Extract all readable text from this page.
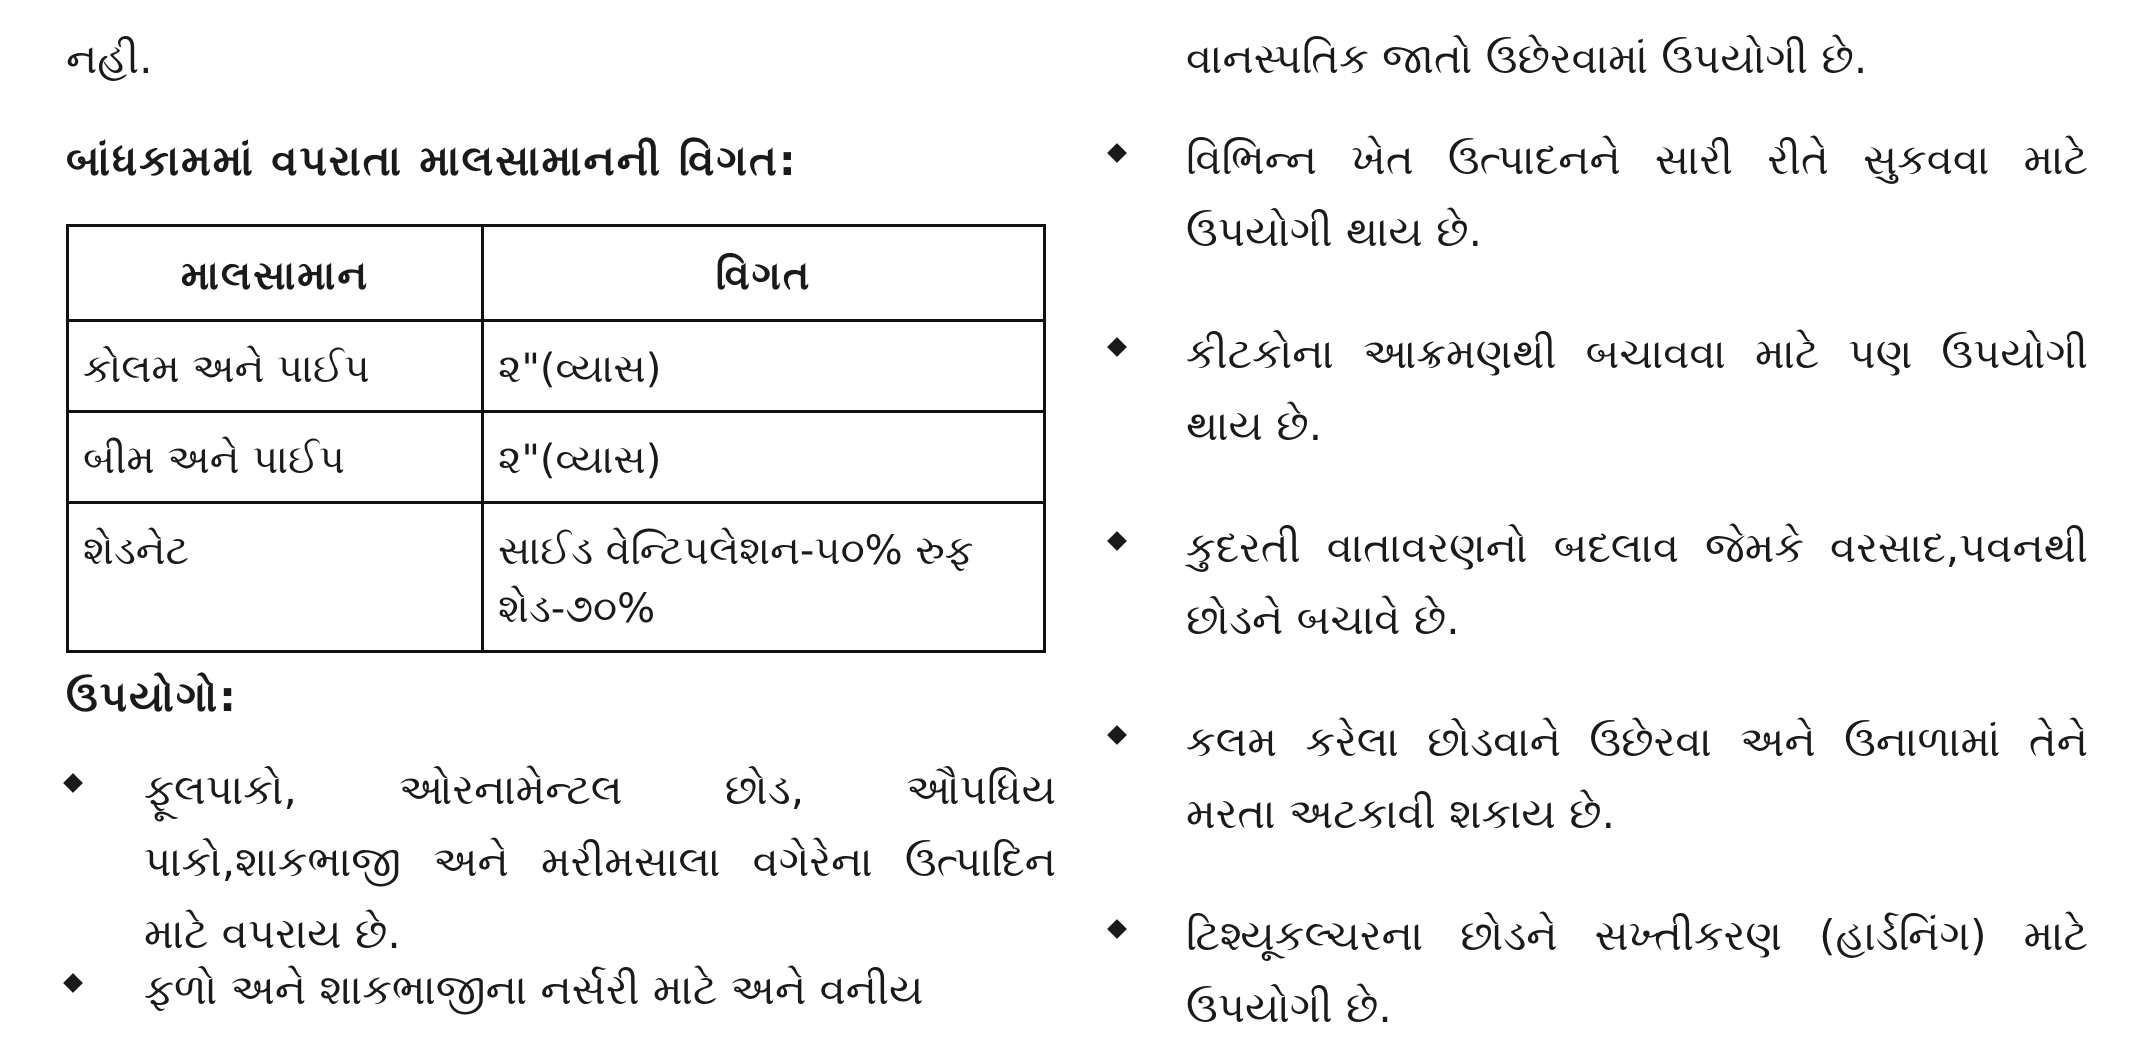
નહી.
બાંધકામમાં વપરાતા માલસામાનની વિગત:
માલસામાન	વિગત
કોલમ અને પાઈપ	૨"(વ્યાસ)
બીમ અને પાઈપ	૨"(વ્યાસ)
શેડનેટ	સાઈડ વેન્ટિપલેશન-૫૦% રુફ શેડ-૭૦%
ઉપયોગો:
ફૂલપાકો, ઓરનામેન્ટલ છોડ, ઔપધિય પાકો,શાકભાજી અને મરીમસાલા વગેરેના ઉત્પાદિન માટે વપરાય છે.
ફળો અને શાકભાજીના નર્સરી માટે અને વનીય
વાનસ્પતિક જાતો ઉછેરવામાં ઉપયોગી છે.
વિભિન્ન ખેત ઉત્પાદનને સારી રીતે સુકવવા માટે ઉપયોગી થાય છે.
કીટકોના આક્રમણથી બચાવવા માટે પણ ઉપયોગી થાય છે.
કુદરતી વાતાવરણનો બદલાવ જેમકે વરસાદ,પવનથી છોડને બચાવે છે.
કલમ કરેલા છોડવાને ઉછેરવા અને ઉનાળામાં તેને મરતા અટકાવી શકાય છે.
ટિશ્યૂકલ્ચરના છોડને સખ્તીકરણ (હાર્ડનિંગ) માટે ઉપયોગી છે.
